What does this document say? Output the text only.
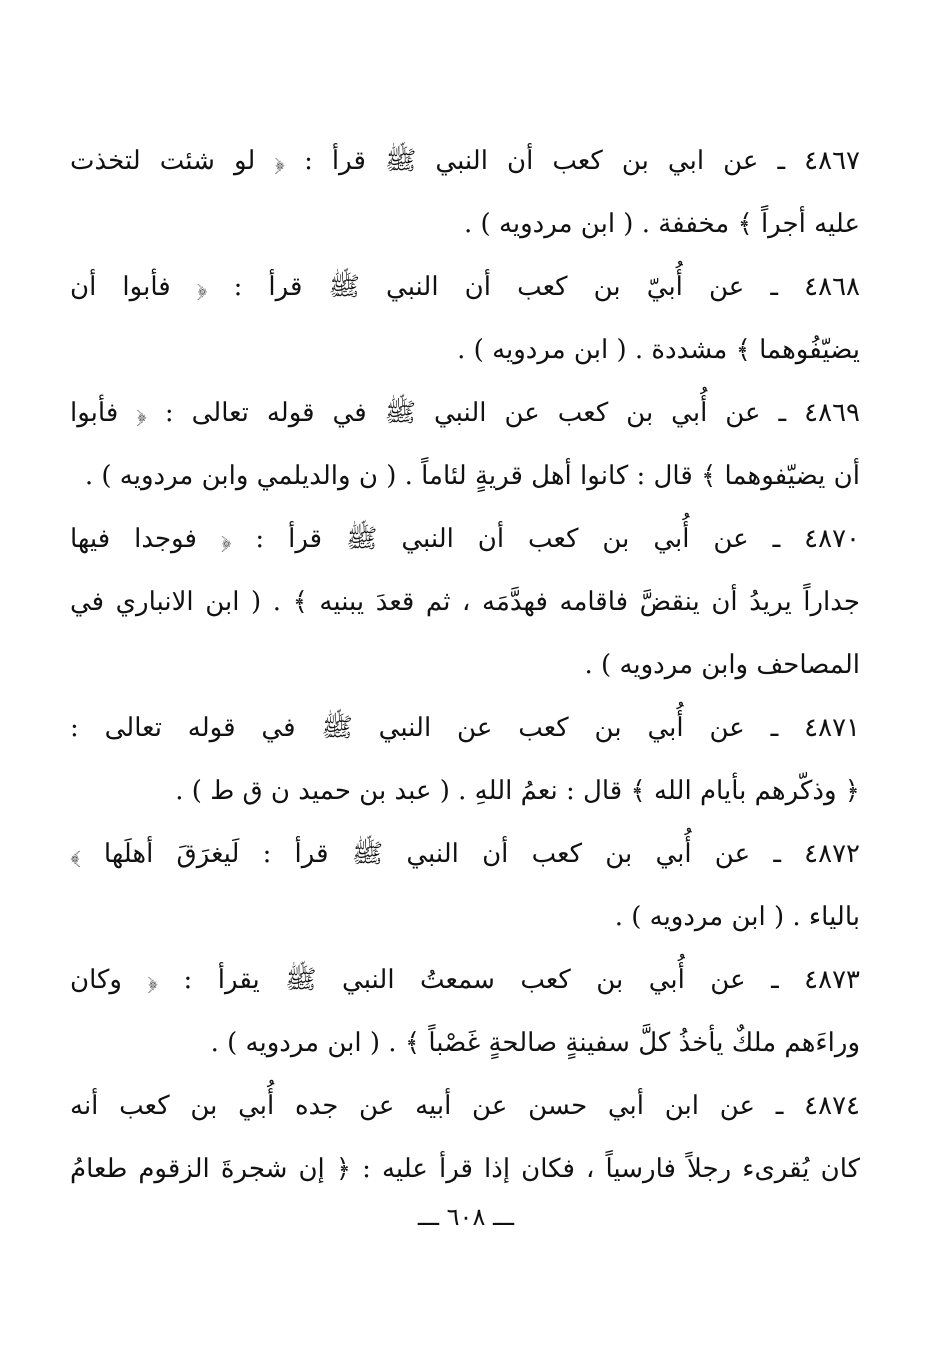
٤٨٦٧ ـ عن ابي بن كعب أن النبي ﷺ قرأ : ﴿ لو شئت لتخذت
عليه أجراً ﴾ مخففة . ( ابن مردويه ) .
٤٨٦٨ ـ عن أُبيّ بن كعب أن النبي ﷺ قرأ : ﴿ فأبوا أن
يضيّفُوهما ﴾ مشددة . ( ابن مردويه ) .
٤٨٦٩ ـ عن أُبي بن كعب عن النبي ﷺ في قوله تعالى : ﴿ فأبوا
أن يضيّفوهما ﴾ قال : كانوا أهل قريةٍ لئاماً . ( ن والديلمي وابن مردويه ) .
٤٨٧٠ ـ عن أُبي بن كعب أن النبي ﷺ قرأ : ﴿ فوجدا فيها
جداراً يريدُ أن ينقضَّ فاقامه فهدَّمَه ، ثم قعدَ يبنيه ﴾ . ( ابن الانباري في
المصاحف وابن مردويه ) .
٤٨٧١ ـ عن أُبي بن كعب عن النبي ﷺ في قوله تعالى :
﴿ وذكّرهم بأيام الله ﴾ قال : نعمُ اللهِ . ( عبد بن حميد ن ق ط ) .
٤٨٧٢ ـ عن أُبي بن كعب أن النبي ﷺ قرأ : لَيغرَقَ أهلَها ﴾
بالياء . ( ابن مردويه ) .
٤٨٧٣ ـ عن أُبي بن كعب سمعتُ النبي ﷺ يقرأ : ﴿ وكان
وراءَهم ملكٌ يأخذُ كلَّ سفينةٍ صالحةٍ غَصْباً ﴾ . ( ابن مردويه ) .
٤٨٧٤ ـ عن ابن أبي حسن عن أبيه عن جده أُبي بن كعب أنه
كان يُقرىء رجلاً فارسياً ، فكان إذا قرأ عليه : ﴿ إن شجرةَ الزقوم طعامُ
ـــ ٦٠٨ ـــ
